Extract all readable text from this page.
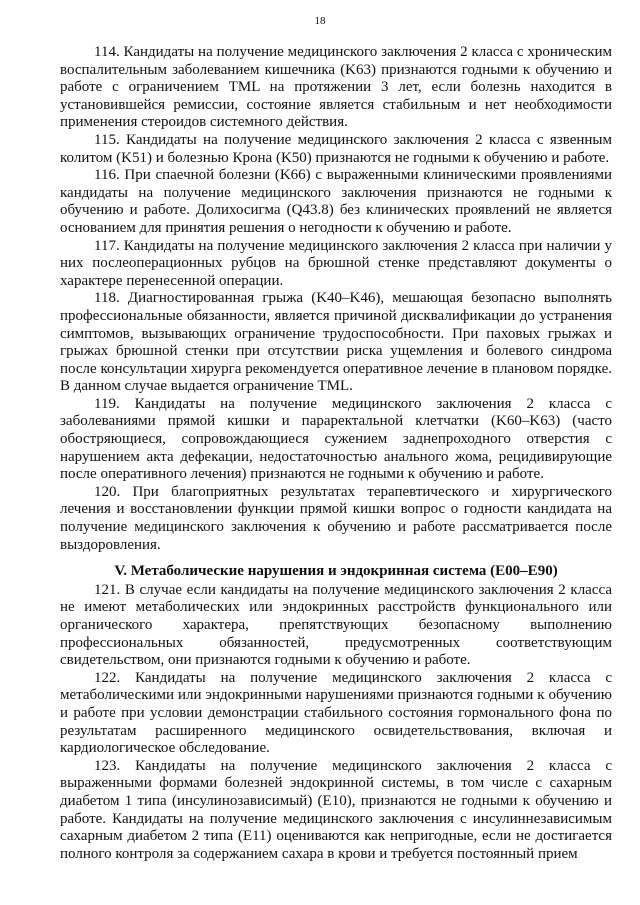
18

114. Кандидаты на получение медицинского заключения 2 класса с хроническим воспалительным заболеванием кишечника (K63) признаются годными к обучению и работе с ограничением TML на протяжении 3 лет, если болезнь находится в установившейся ремиссии, состояние является стабильным и нет необходимости применения стероидов системного действия.

115. Кандидаты на получение медицинского заключения 2 класса с язвенным колитом (K51) и болезнью Крона (K50) признаются не годными к обучению и работе.

116. При спаечной болезни (K66) с выраженными клиническими проявлениями кандидаты на получение медицинского заключения признаются не годными к обучению и работе. Долихосигма (Q43.8) без клинических проявлений не является основанием для принятия решения о негодности к обучению и работе.

117. Кандидаты на получение медицинского заключения 2 класса при наличии у них послеоперационных рубцов на брюшной стенке представляют документы о характере перенесенной операции.

118. Диагностированная грыжа (K40–K46), мешающая безопасно выполнять профессиональные обязанности, является причиной дисквалификации до устранения симптомов, вызывающих ограничение трудоспособности. При паховых грыжах и грыжах брюшной стенки при отсутствии риска ущемления и болевого синдрома после консультации хирурга рекомендуется оперативное лечение в плановом порядке. В данном случае выдается ограничение TML.

119. Кандидаты на получение медицинского заключения 2 класса с заболеваниями прямой кишки и параректальной клетчатки (K60–K63) (часто обостряющиеся, сопровождающиеся сужением заднепроходного отверстия с нарушением акта дефекации, недостаточностью анального жома, рецидивирующие после оперативного лечения) признаются не годными к обучению и работе.

120. При благоприятных результатах терапевтического и хирургического лечения и восстановлении функции прямой кишки вопрос о годности кандидата на получение медицинского заключения к обучению и работе рассматривается после выздоровления.

V. Метаболические нарушения и эндокринная система (E00–E90)

121. В случае если кандидаты на получение медицинского заключения 2 класса не имеют метаболических или эндокринных расстройств функционального или органического характера, препятствующих безопасному выполнению профессиональных обязанностей, предусмотренных соответствующим свидетельством, они признаются годными к обучению и работе.

122. Кандидаты на получение медицинского заключения 2 класса с метаболическими или эндокринными нарушениями признаются годными к обучению и работе при условии демонстрации стабильного состояния гормонального фона по результатам расширенного медицинского освидетельствования, включая и кардиологическое обследование.

123. Кандидаты на получение медицинского заключения 2 класса с выраженными формами болезней эндокринной системы, в том числе с сахарным диабетом 1 типа (инсулинозависимый) (E10), признаются не годными к обучению и работе. Кандидаты на получение медицинского заключения с инсулиннезависимым сахарным диабетом 2 типа (E11) оцениваются как непригодные, если не достигается полного контроля за содержанием сахара в крови и требуется постоянный прием
